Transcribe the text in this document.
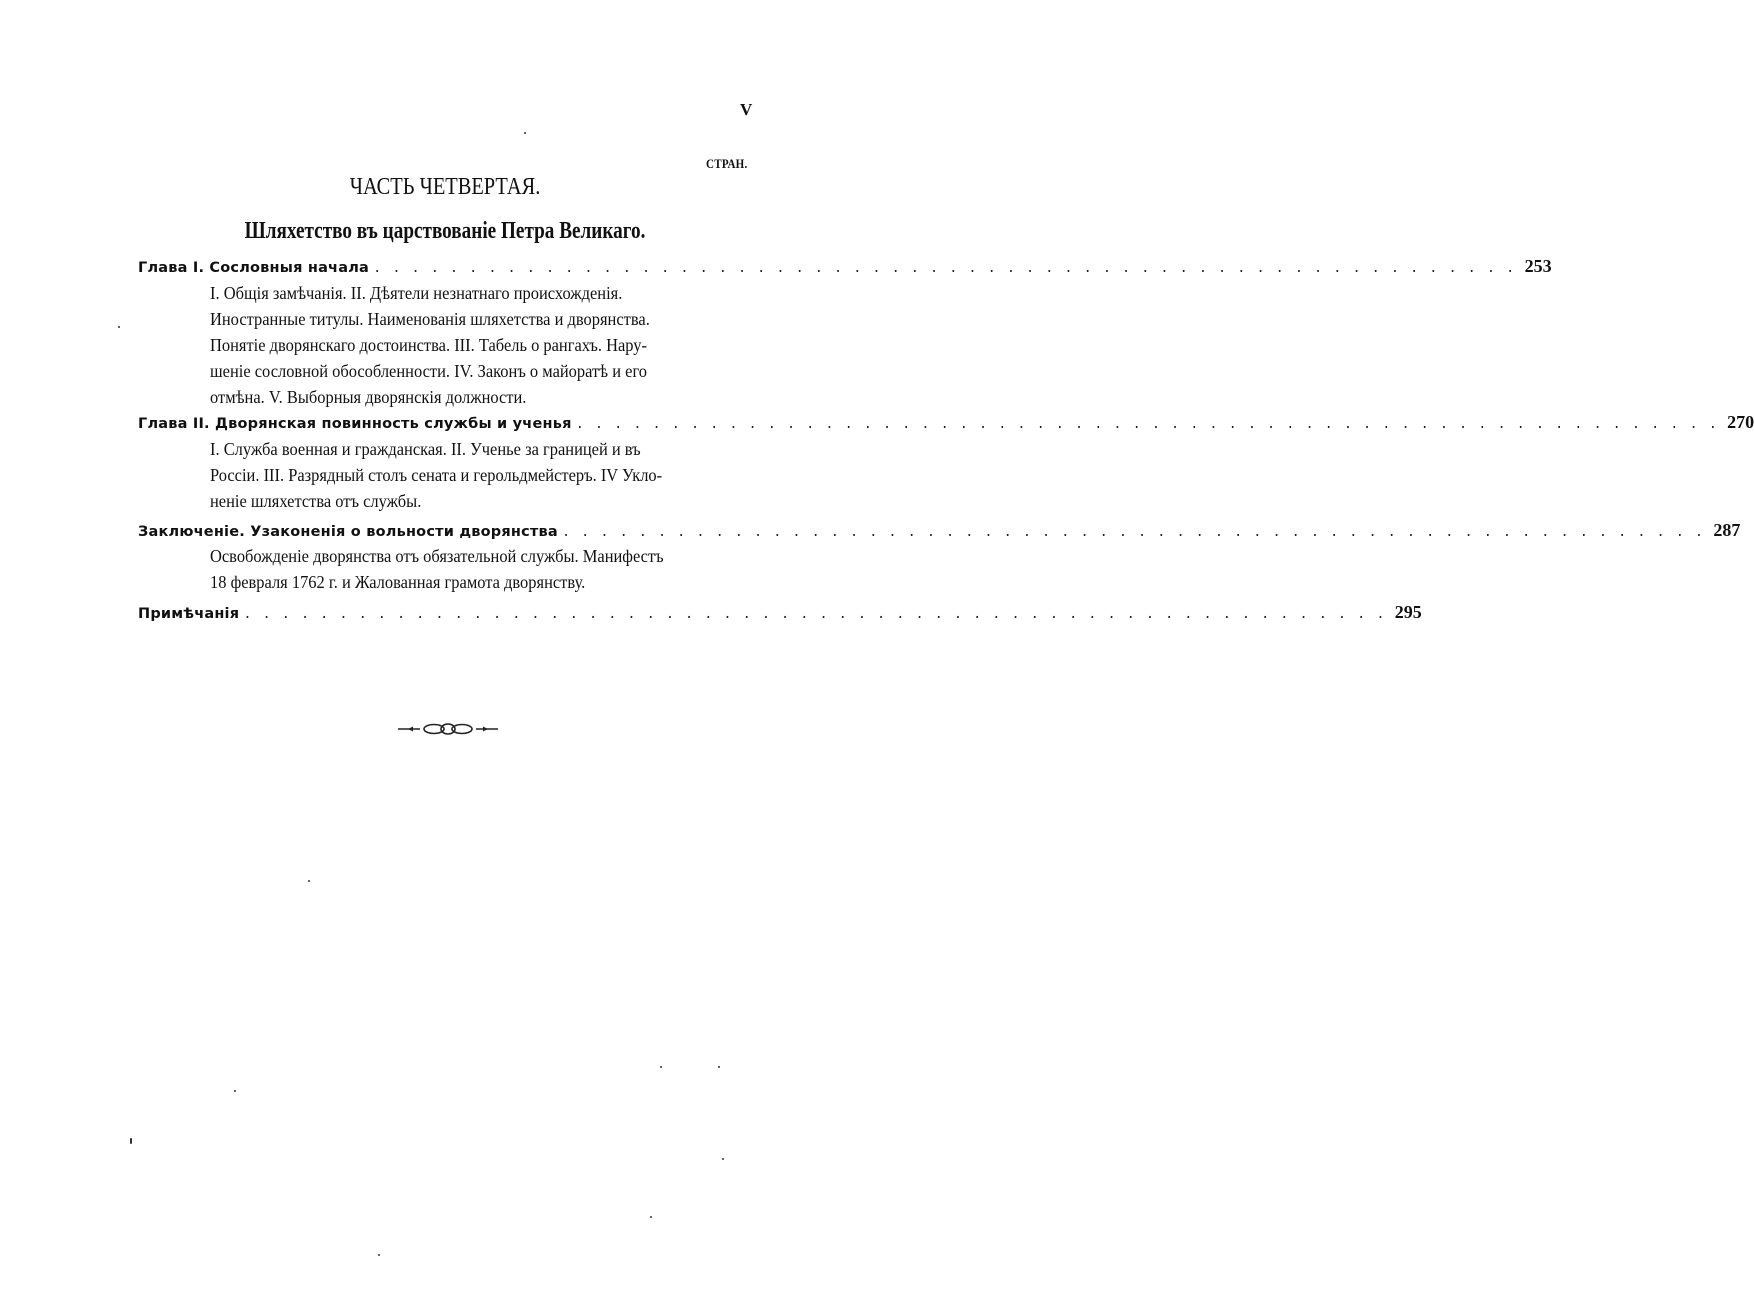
V
СТРАН.
ЧАСТЬ ЧЕТВЕРТАЯ.
Шляхетство въ царствованіе Петра Великаго.
Глава I. Сословныя начала . . . . . . . . . . . . . . . . . . . . . . . . . . . . . . . . . . . . . . . . . . . . . . . . . . . . . . . . . . . . 253

I. Общія замѣчанія. II. Дѣятели незнатнаго происхожденія.

Иностранные титулы. Наименованія шляхетства и дворянства.

Понятіе дворянскаго достоинства. III. Табель о рангахъ. Нару-

шеніе сословной обособленности. IV. Законъ о майоратѣ и его

отмѣна. V. Выборныя дворянскія должности.

Глава II. Дворянская повинность службы и ученья . . . . . . . . . . . . . . . . . . . . . . . . . . . . . . . . . . . . . . . . . . . . . . . . . . . . . . . . . . . . 270

I. Служба военная и гражданская. II. Ученье за границей и въ

Россіи. III. Разрядный столъ сената и герольдмейстеръ. IV Укло-

неніе шляхетства отъ службы.

Заключеніе. Узаконенія о вольности дворянства . . . . . . . . . . . . . . . . . . . . . . . . . . . . . . . . . . . . . . . . . . . . . . . . . . . . . . . . . . . . 287

Освобожденіе дворянства отъ обязательной службы. Манифестъ

18 февраля 1762 г. и Жалованная грамота дворянству.

Примѣчанія . . . . . . . . . . . . . . . . . . . . . . . . . . . . . . . . . . . . . . . . . . . . . . . . . . . . . . . . . . . . 295
